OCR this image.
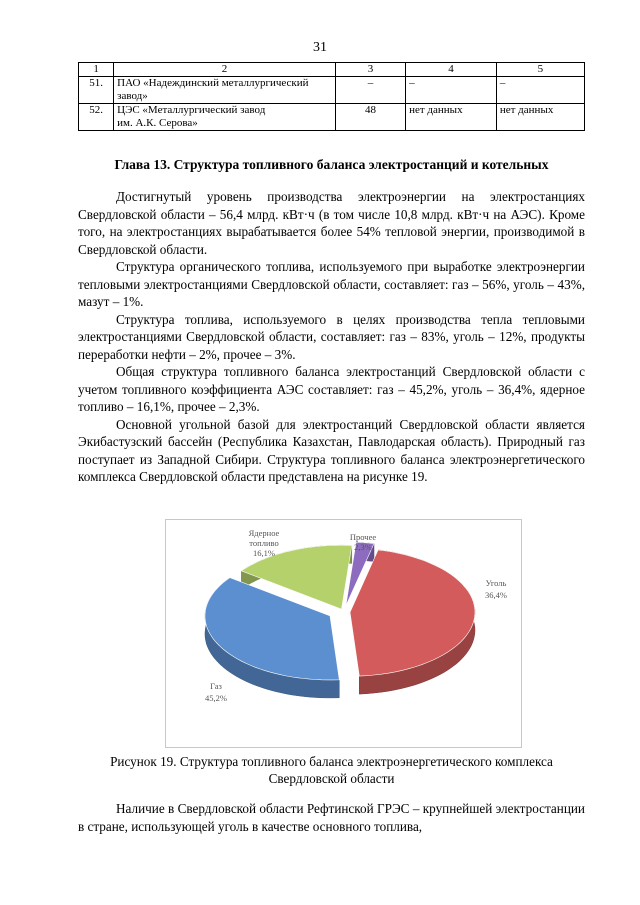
31
1	2	3	4	5
51.	ПАО «Надеждинский металлургический
завод»	–	–	–
52.	ЦЭС «Металлургический завод
им. А.К. Серова»	48	нет данных	нет данных
Глава 13. Структура топливного баланса электростанций и котельных

Достигнутый уровень производства электроэнергии на электростанциях Свердловской области – 56,4 млрд. кВт·ч (в том числе 10,8 млрд. кВт·ч на АЭС). Кроме того, на электростанциях вырабатывается более 54% тепловой энергии, производимой в Свердловской области.

Структура органического топлива, используемого при выработке электроэнергии тепловыми электростанциями Свердловской области, составляет: газ – 56%, уголь – 43%, мазут – 1%.

Структура топлива, используемого в целях производства тепла тепловыми электростанциями Свердловской области, составляет: газ – 83%, уголь – 12%, продукты переработки нефти – 2%, прочее – 3%.

Общая структура топливного баланса электростанций Свердловской области с учетом топливного коэффициента АЭС составляет: газ – 45,2%, уголь – 36,4%, ядерное топливо – 16,1%, прочее – 2,3%.

Основной угольной базой для электростанций Свердловской области является Экибастузский бассейн (Республика Казахстан, Павлодарская область). Природный газ поступает из Западной Сибири. Структура топливного баланса электроэнергетического комплекса Свердловской области представлена на рисунке 19.

Ядерное
топливо
16,1%
Прочее
2,3%
Уголь
36,4%
Газ
45,2%
Рисунок 19. Структура топливного баланса электроэнергетического комплекса
Свердловской области

Наличие в Свердловской области Рефтинской ГРЭС – крупнейшей электростанции в стране, использующей уголь в качестве основного топлива,
